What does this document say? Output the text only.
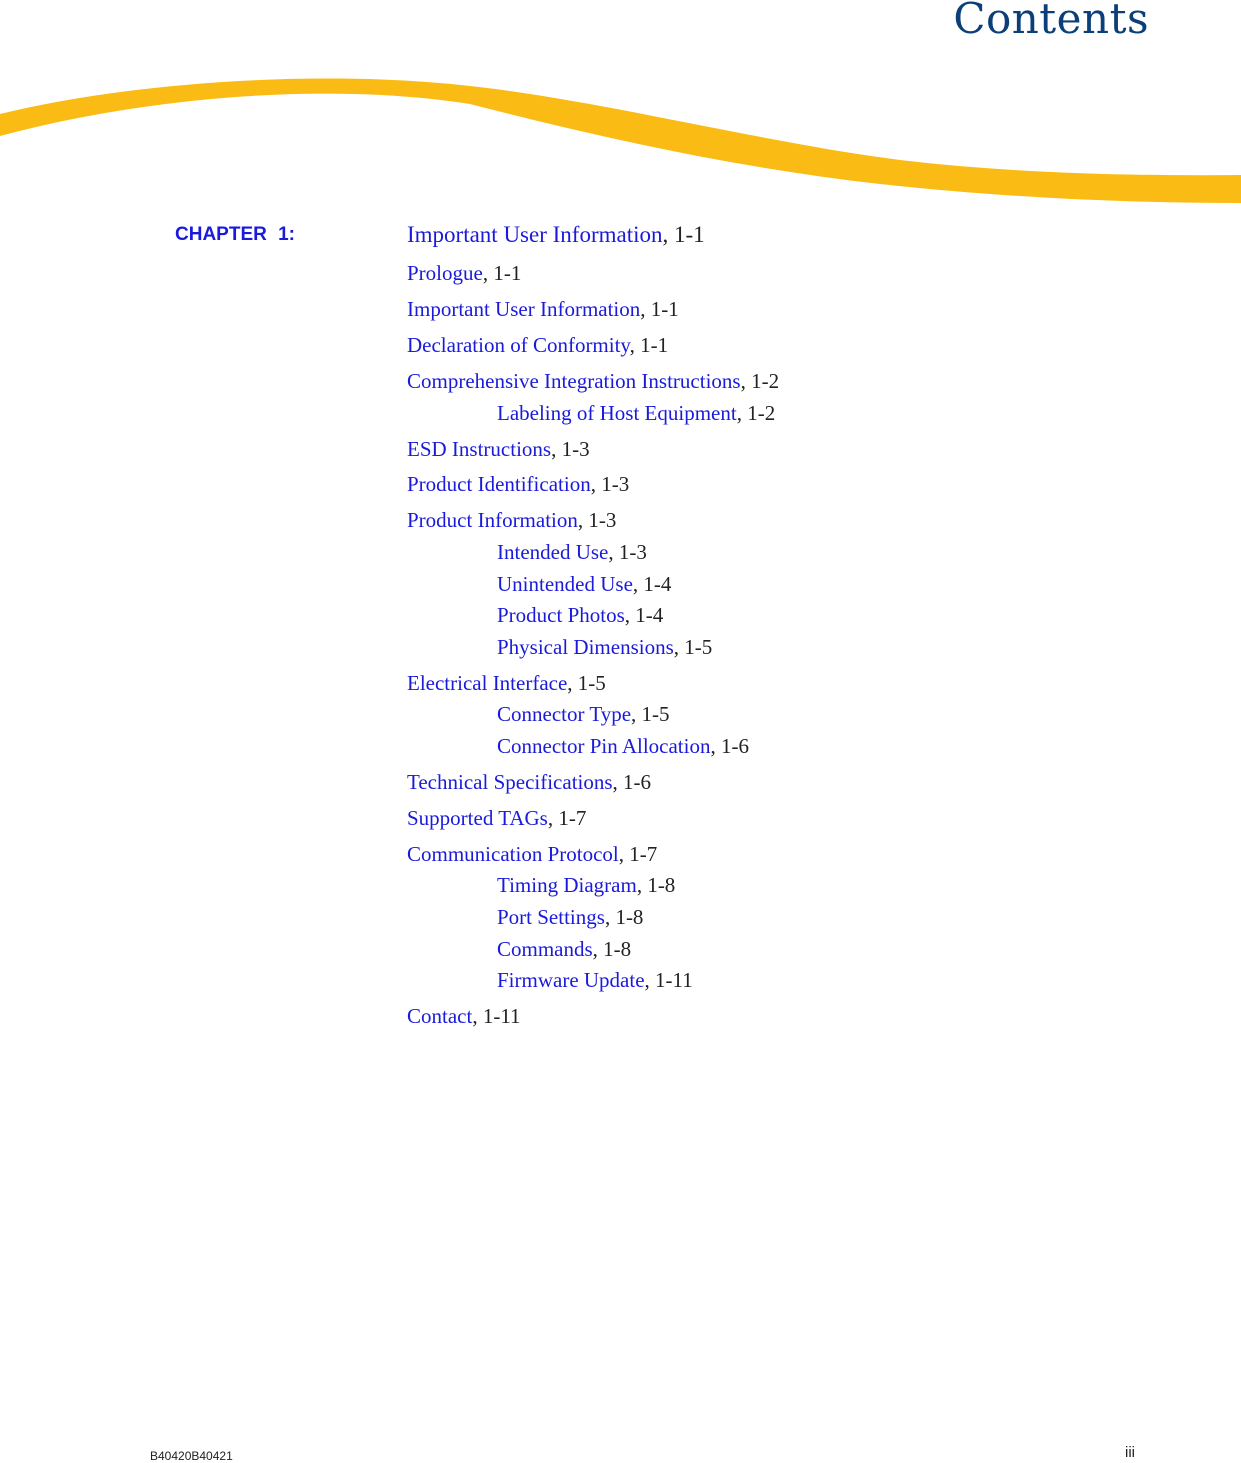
Contents
CHAPTER 1:	Important User Information, 1-1
Prologue, 1-1
Important User Information, 1-1
Declaration of Conformity, 1-1
Comprehensive Integration Instructions, 1-2
Labeling of Host Equipment, 1-2
ESD Instructions, 1-3
Product Identification, 1-3
Product Information, 1-3
Intended Use, 1-3
Unintended Use, 1-4
Product Photos, 1-4
Physical Dimensions, 1-5
Electrical Interface, 1-5
Connector Type, 1-5
Connector Pin Allocation, 1-6
Technical Specifications, 1-6
Supported TAGs, 1-7
Communication Protocol, 1-7
Timing Diagram, 1-8
Port Settings, 1-8
Commands, 1-8
Firmware Update, 1-11
Contact, 1-11
B40420B40421	iii
